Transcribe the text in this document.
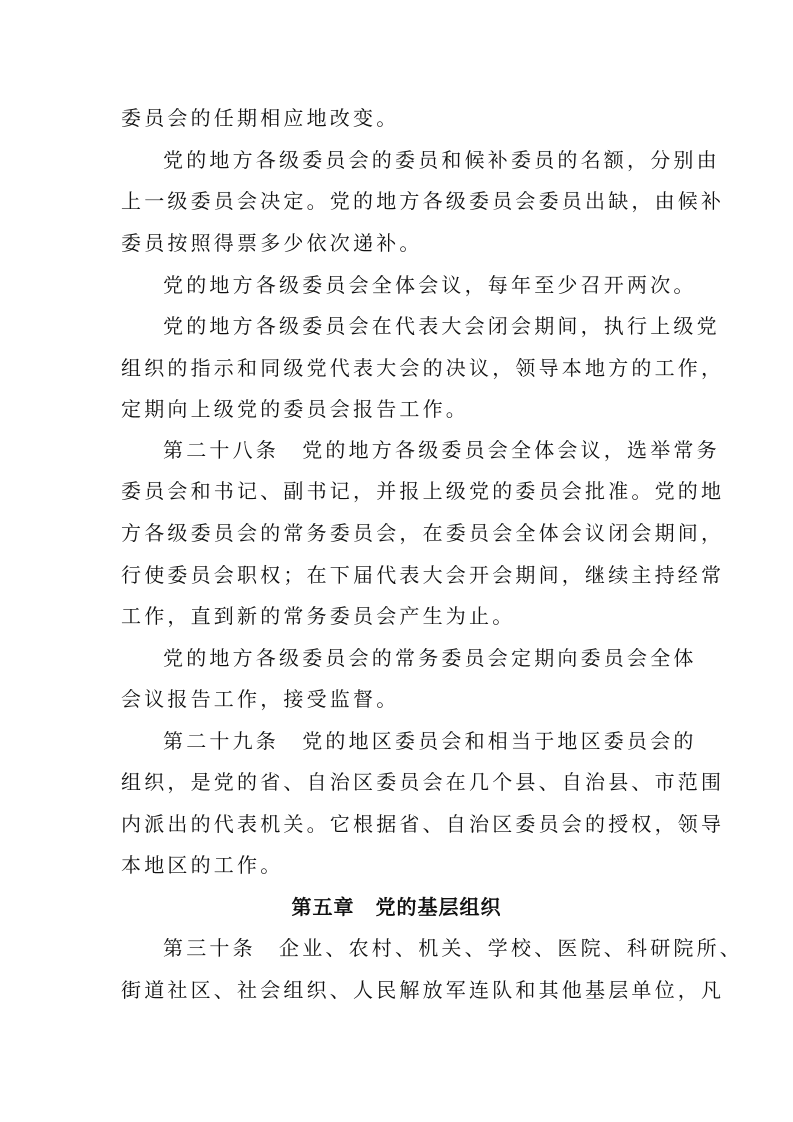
委员会的任期相应地改变。
党的地方各级委员会的委员和候补委员的名额，分别由
上一级委员会决定。党的地方各级委员会委员出缺，由候补
委员按照得票多少依次递补。
党的地方各级委员会全体会议，每年至少召开两次。
党的地方各级委员会在代表大会闭会期间，执行上级党
组织的指示和同级党代表大会的决议，领导本地方的工作，
定期向上级党的委员会报告工作。
第二十八条　党的地方各级委员会全体会议，选举常务
委员会和书记、副书记，并报上级党的委员会批准。党的地
方各级委员会的常务委员会，在委员会全体会议闭会期间，
行使委员会职权；在下届代表大会开会期间，继续主持经常
工作，直到新的常务委员会产生为止。
党的地方各级委员会的常务委员会定期向委员会全体
会议报告工作，接受监督。
第二十九条　党的地区委员会和相当于地区委员会的
组织，是党的省、自治区委员会在几个县、自治县、市范围
内派出的代表机关。它根据省、自治区委员会的授权，领导
本地区的工作。
第五章　党的基层组织
第三十条　企业、农村、机关、学校、医院、科研院所、
街道社区、社会组织、人民解放军连队和其他基层单位，凡
